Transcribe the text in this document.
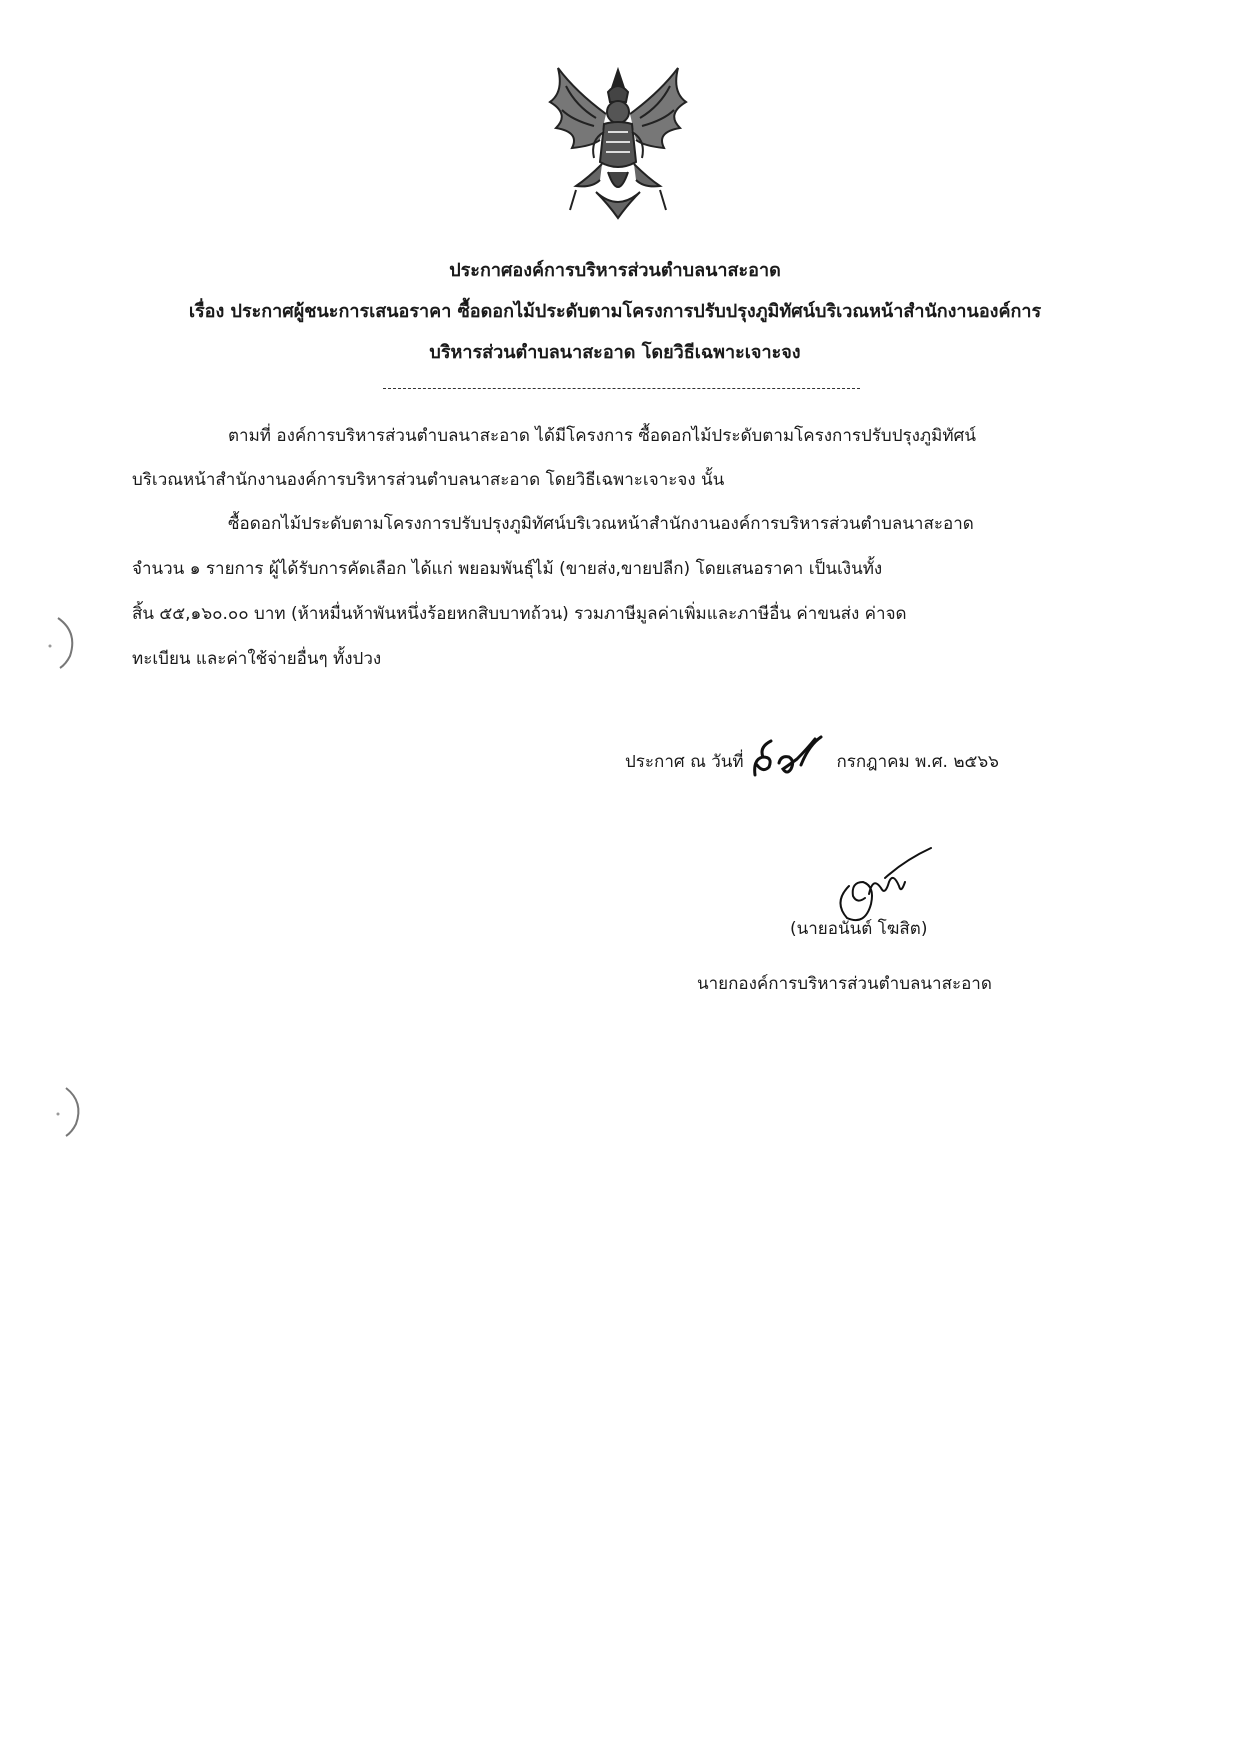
ประกาศองค์การบริหารส่วนตำบลนาสะอาด
เรื่อง ประกาศผู้ชนะการเสนอราคา ซื้อดอกไม้ประดับตามโครงการปรับปรุงภูมิทัศน์บริเวณหน้าสำนักงานองค์การ
บริหารส่วนตำบลนาสะอาด โดยวิธีเฉพาะเจาะจง
ตามที่ องค์การบริหารส่วนตำบลนาสะอาด ได้มีโครงการ ซื้อดอกไม้ประดับตามโครงการปรับปรุงภูมิทัศน์
บริเวณหน้าสำนักงานองค์การบริหารส่วนตำบลนาสะอาด โดยวิธีเฉพาะเจาะจง นั้น
ซื้อดอกไม้ประดับตามโครงการปรับปรุงภูมิทัศน์บริเวณหน้าสำนักงานองค์การบริหารส่วนตำบลนาสะอาด
จำนวน ๑ รายการ ผู้ได้รับการคัดเลือก ได้แก่ พยอมพันธุ์ไม้ (ขายส่ง,ขายปลีก) โดยเสนอราคา เป็นเงินทั้ง
สิ้น ๕๕,๑๖๐.๐๐ บาท (ห้าหมื่นห้าพันหนึ่งร้อยหกสิบบาทถ้วน) รวมภาษีมูลค่าเพิ่มและภาษีอื่น ค่าขนส่ง ค่าจด
ทะเบียน และค่าใช้จ่ายอื่นๆ ทั้งปวง
ประกาศ ณ วันที่	กรกฎาคม พ.ศ. ๒๕๖๖
(นายอนันต์ โฆสิต)
นายกองค์การบริหารส่วนตำบลนาสะอาด
